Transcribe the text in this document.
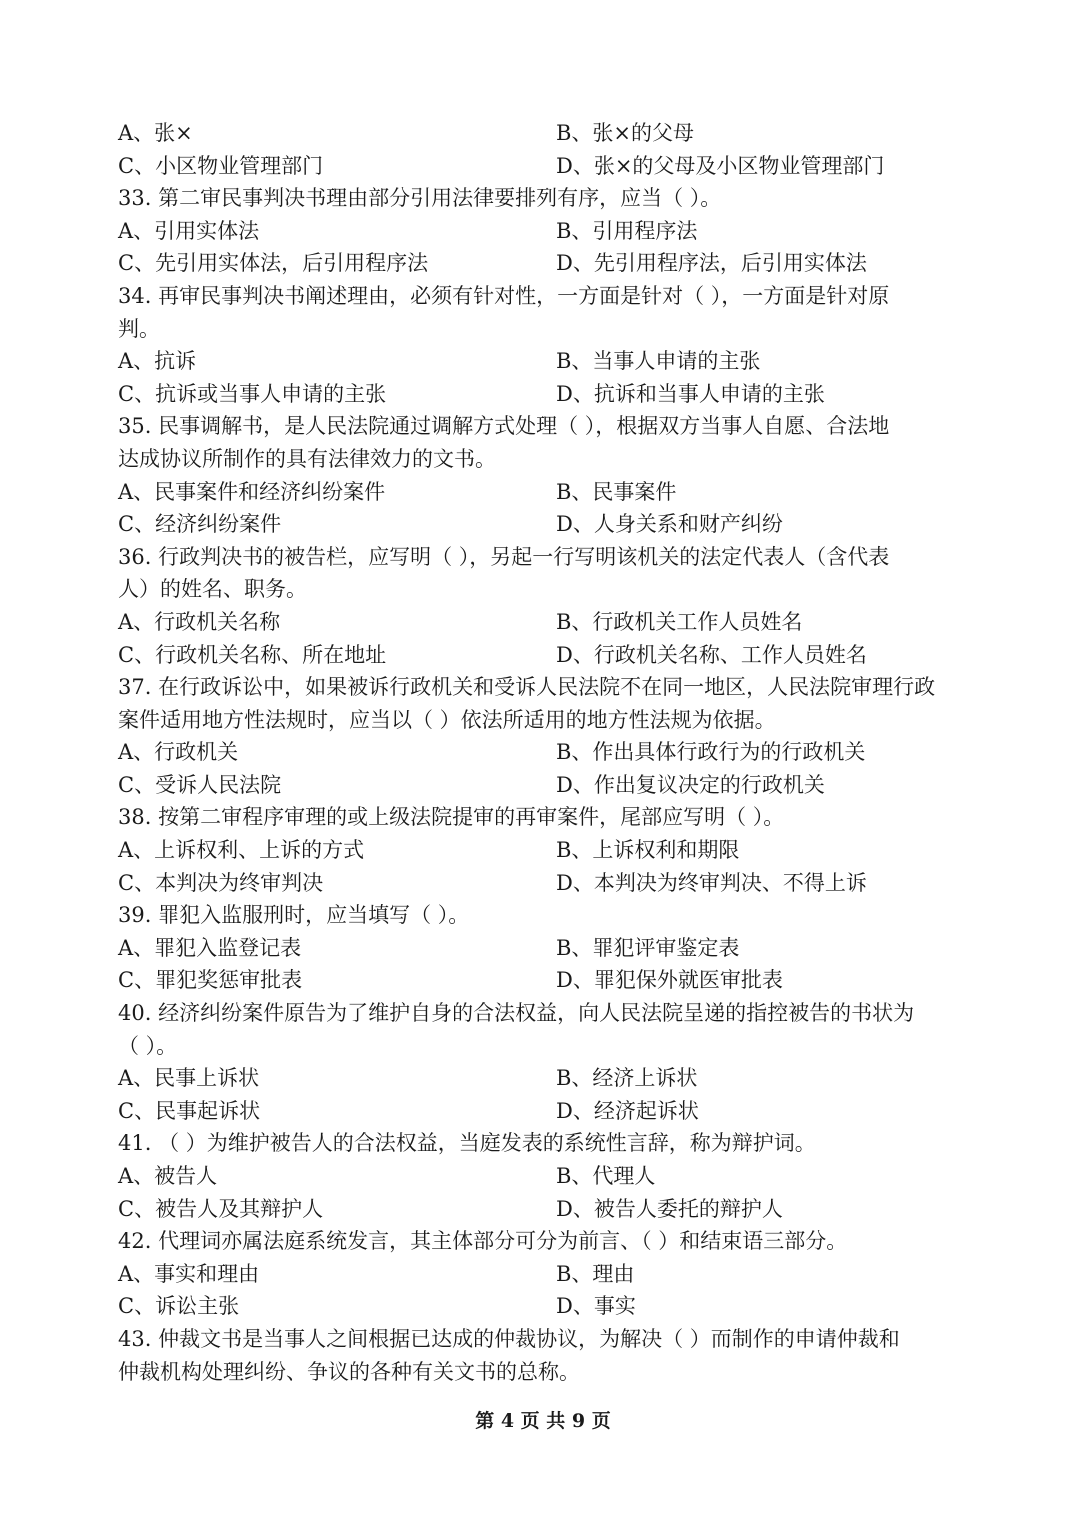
A、张×	B、张×的父母
C、小区物业管理部门	D、张×的父母及小区物业管理部门
33. 第二审民事判决书理由部分引用法律要排列有序，应当（ ）。
A、引用实体法	B、引用程序法
C、先引用实体法，后引用程序法	D、先引用程序法，后引用实体法
34. 再审民事判决书阐述理由，必须有针对性，一方面是针对（ ），一方面是针对原
判。
A、抗诉	B、当事人申请的主张
C、抗诉或当事人申请的主张	D、抗诉和当事人申请的主张
35. 民事调解书，是人民法院通过调解方式处理（ ），根据双方当事人自愿、合法地
达成协议所制作的具有法律效力的文书。
A、民事案件和经济纠纷案件	B、民事案件
C、经济纠纷案件	D、人身关系和财产纠纷
36. 行政判决书的被告栏，应写明（ ），另起一行写明该机关的法定代表人（含代表
人）的姓名、职务。
A、行政机关名称	B、行政机关工作人员姓名
C、行政机关名称、所在地址	D、行政机关名称、工作人员姓名
37. 在行政诉讼中，如果被诉行政机关和受诉人民法院不在同一地区，人民法院审理行政
案件适用地方性法规时，应当以（ ）依法所适用的地方性法规为依据。
A、行政机关	B、作出具体行政行为的行政机关
C、受诉人民法院	D、作出复议决定的行政机关
38. 按第二审程序审理的或上级法院提审的再审案件，尾部应写明（ ）。
A、上诉权利、上诉的方式	B、上诉权利和期限
C、本判决为终审判决	D、本判决为终审判决、不得上诉
39. 罪犯入监服刑时，应当填写（ ）。
A、罪犯入监登记表	B、罪犯评审鉴定表
C、罪犯奖惩审批表	D、罪犯保外就医审批表
40. 经济纠纷案件原告为了维护自身的合法权益，向人民法院呈递的指控被告的书状为
（ ）。
A、民事上诉状	B、经济上诉状
C、民事起诉状	D、经济起诉状
41. （ ）为维护被告人的合法权益，当庭发表的系统性言辞，称为辩护词。
A、被告人	B、代理人
C、被告人及其辩护人	D、被告人委托的辩护人
42. 代理词亦属法庭系统发言，其主体部分可分为前言、（ ）和结束语三部分。
A、事实和理由	B、理由
C、诉讼主张	D、事实
43. 仲裁文书是当事人之间根据已达成的仲裁协议，为解决（ ）而制作的申请仲裁和
仲裁机构处理纠纷、争议的各种有关文书的总称。
第 4 页 共 9 页
